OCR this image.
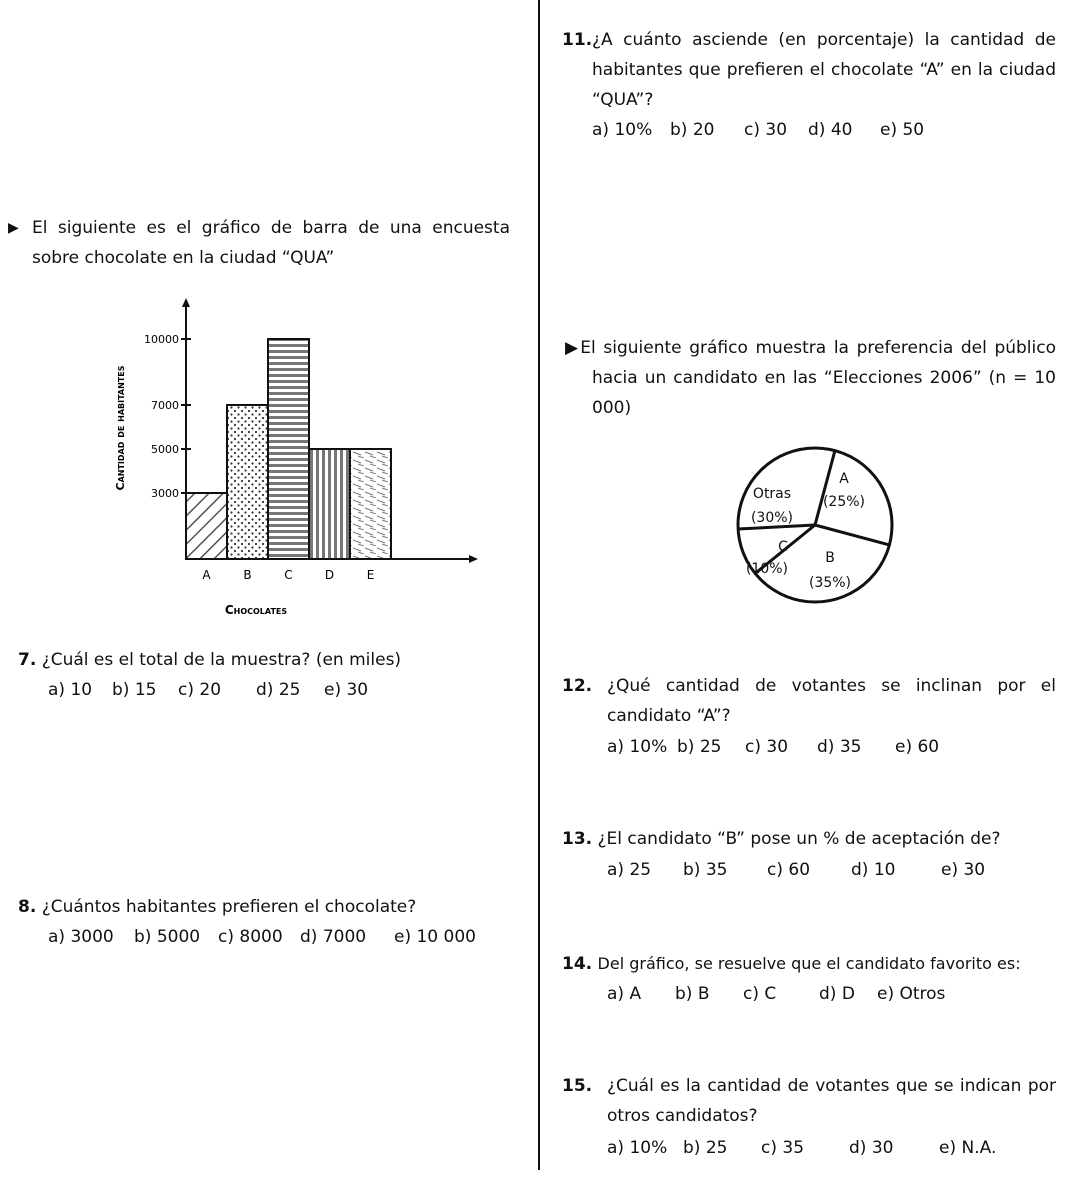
▶ El siguiente es el gráfico de barra de una encuesta
sobre chocolate en la ciudad “QUA”
3000
5000
7000
10000
A	B	C	D	E
Chocolates
Cantidad de habitantes
7. ¿Cuál es el total de la muestra? (en miles)
a) 10 b) 15 c) 20 d) 25 e) 30
8. ¿Cuántos habitantes prefieren el chocolate?
a) 3000 b) 5000 c) 8000 d) 7000 e) 10 000
11. ¿A cuánto asciende (en porcentaje) la cantidad de
habitantes que prefieren el chocolate “A” en la ciudad
“QUA”?
a) 10% b) 20 c) 30 d) 40 e) 50
▶El siguiente gráfico muestra la preferencia del público
hacia un candidato en las “Elecciones 2006” (n = 10
000)
A
(25%)
B
(35%)
C
(10%)
Otras
(30%)
12. ¿Qué cantidad de votantes se inclinan por el
candidato “A”?
a) 10% b) 25 c) 30 d) 35 e) 60
13. ¿El candidato “B” pose un % de aceptación de?
a) 25 b) 35 c) 60 d) 10	e) 30
14. Del gráfico, se resuelve que el candidato favorito es:
a) A b) B c) C	d) D e) Otros
15. ¿Cuál es la cantidad de votantes que se indican por
otros candidatos?
a) 10% b) 25 c) 35	d) 30	e) N.A.
